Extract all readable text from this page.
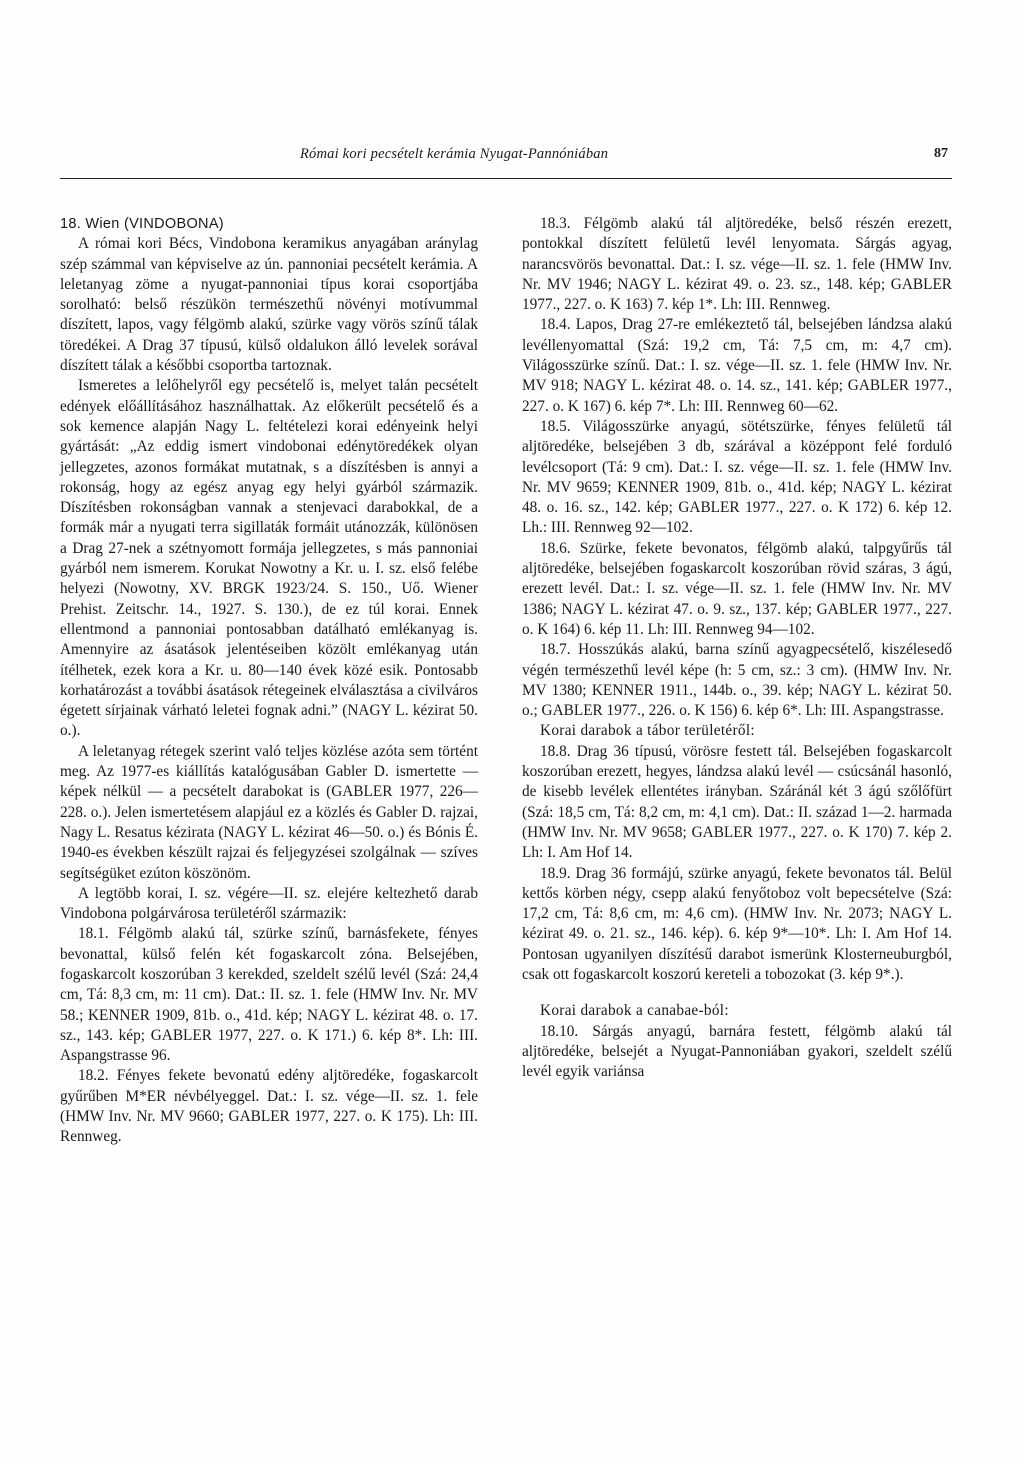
Római kori pecsételt kerámia Nyugat-Pannóniában	87

18. Wien (VINDOBONA)

A római kori Bécs, Vindobona keramikus anyagában aránylag szép számmal van képviselve az ún. pannoniai pecsételt kerámia. A leletanyag zöme a nyugat-pannoniai típus korai csoportjába sorolható: belső részükön természethű növényi motívummal díszített, lapos, vagy félgömb alakú, szürke vagy vörös színű tálak töredékei. A Drag 37 típusú, külső oldalukon álló levelek sorával díszített tálak a későbbi csoportba tartoznak.

Ismeretes a lelőhelyről egy pecsételő is, melyet talán pecsételt edények előállításához használhattak. Az előkerült pecsételő és a sok kemence alapján Nagy L. feltételezi korai edényeink helyi gyártását: „Az eddig ismert vindobonai edénytöredékek olyan jellegzetes, azonos formákat mutatnak, s a díszítésben is annyi a rokonság, hogy az egész anyag egy helyi gyárból származik. Díszítésben rokonságban vannak a stenjevaci darabokkal, de a formák már a nyugati terra sigillaták formáit utánozzák, különösen a Drag 27-nek a szétnyomott formája jellegzetes, s más pannoniai gyárból nem ismerem. Korukat Nowotny a Kr. u. I. sz. első felébe helyezi (Nowotny, XV. BRGK 1923/24. S. 150., Uő. Wiener Prehist. Zeitschr. 14., 1927. S. 130.), de ez túl korai. Ennek ellentmond a pannoniai pontosabban datálható emlékanyag is. Amennyire az ásatások jelentéseiben közölt emlékanyag után ítélhetek, ezek kora a Kr. u. 80—140 évek közé esik. Pontosabb korhatározást a további ásatások rétegeinek elválasztása a civilváros égetett sírjainak várható leletei fognak adni.” (NAGY L. kézirat 50. o.).

A leletanyag rétegek szerint való teljes közlése azóta sem történt meg. Az 1977-es kiállítás katalógusában Gabler D. ismertette — képek nélkül — a pecsételt darabokat is (GABLER 1977, 226—228. o.). Jelen ismertetésem alapjául ez a közlés és Gabler D. rajzai, Nagy L. Resatus kézirata (NAGY L. kézirat 46—50. o.) és Bónis É. 1940-es években készült rajzai és feljegyzései szolgálnak — szíves segítségüket ezúton köszönöm.

A legtöbb korai, I. sz. végére—II. sz. elejére keltezhető darab Vindobona polgárvárosa területéről származik:

18.1. Félgömb alakú tál, szürke színű, barnásfekete, fényes bevonattal, külső felén két fogaskarcolt zóna. Belsejében, fogaskarcolt koszorúban 3 kerekded, szeldelt szélű levél (Szá: 24,4 cm, Tá: 8,3 cm, m: 11 cm). Dat.: II. sz. 1. fele (HMW Inv. Nr. MV 58.; KENNER 1909, 81b. o., 41d. kép; NAGY L. kézirat 48. o. 17. sz., 143. kép; GABLER 1977, 227. o. K 171.) 6. kép 8*. Lh: III. Aspangstrasse 96.

18.2. Fényes fekete bevonatú edény aljtöredéke, fogaskarcolt gyűrűben M*ER névbélyeggel. Dat.: I. sz. vége—II. sz. 1. fele (HMW Inv. Nr. MV 9660; GABLER 1977, 227. o. K 175). Lh: III. Rennweg.

18.3. Félgömb alakú tál aljtöredéke, belső részén erezett, pontokkal díszített felületű levél lenyomata. Sárgás agyag, narancsvörös bevonattal. Dat.: I. sz. vége—II. sz. 1. fele (HMW Inv. Nr. MV 1946; NAGY L. kézirat 49. o. 23. sz., 148. kép; GABLER 1977., 227. o. K 163) 7. kép 1*. Lh: III. Rennweg.

18.4. Lapos, Drag 27-re emlékeztető tál, belsejében lándzsa alakú levéllenyomattal (Szá: 19,2 cm, Tá: 7,5 cm, m: 4,7 cm). Világosszürke színű. Dat.: I. sz. vége—II. sz. 1. fele (HMW Inv. Nr. MV 918; NAGY L. kézirat 48. o. 14. sz., 141. kép; GABLER 1977., 227. o. K 167) 6. kép 7*. Lh: III. Rennweg 60—62.

18.5. Világosszürke anyagú, sötétszürke, fényes felületű tál aljtöredéke, belsejében 3 db, szárával a középpont felé forduló levélcsoport (Tá: 9 cm). Dat.: I. sz. vége—II. sz. 1. fele (HMW Inv. Nr. MV 9659; KENNER 1909, 81b. o., 41d. kép; NAGY L. kézirat 48. o. 16. sz., 142. kép; GABLER 1977., 227. o. K 172) 6. kép 12. Lh.: III. Rennweg 92—102.

18.6. Szürke, fekete bevonatos, félgömb alakú, talpgyűrűs tál aljtöredéke, belsejében fogaskarcolt koszorúban rövid száras, 3 ágú, erezett levél. Dat.: I. sz. vége—II. sz. 1. fele (HMW Inv. Nr. MV 1386; NAGY L. kézirat 47. o. 9. sz., 137. kép; GABLER 1977., 227. o. K 164) 6. kép 11. Lh: III. Rennweg 94—102.

18.7. Hosszúkás alakú, barna színű agyagpecsételő, kiszélesedő végén természethű levél képe (h: 5 cm, sz.: 3 cm). (HMW Inv. Nr. MV 1380; KENNER 1911., 144b. o., 39. kép; NAGY L. kézirat 50. o.; GABLER 1977., 226. o. K 156) 6. kép 6*. Lh: III. Aspangstrasse.

Korai darabok a tábor területéről:

18.8. Drag 36 típusú, vörösre festett tál. Belsejében fogaskarcolt koszorúban erezett, hegyes, lándzsa alakú levél — csúcsánál hasonló, de kisebb levélek ellentétes irányban. Száránál két 3 ágú szőlőfürt (Szá: 18,5 cm, Tá: 8,2 cm, m: 4,1 cm). Dat.: II. század 1—2. harmada (HMW Inv. Nr. MV 9658; GABLER 1977., 227. o. K 170) 7. kép 2. Lh: I. Am Hof 14.

18.9. Drag 36 formájú, szürke anyagú, fekete bevonatos tál. Belül kettős körben négy, csepp alakú fenyőtoboz volt bepecsételve (Szá: 17,2 cm, Tá: 8,6 cm, m: 4,6 cm). (HMW Inv. Nr. 2073; NAGY L. kézirat 49. o. 21. sz., 146. kép). 6. kép 9*—10*. Lh: I. Am Hof 14. Pontosan ugyanilyen díszítésű darabot ismerünk Klosterneuburgból, csak ott fogaskarcolt koszorú kereteli a tobozokat (3. kép 9*.).

Korai darabok a canabae-ból:

18.10. Sárgás anyagú, barnára festett, félgömb alakú tál aljtöredéke, belsejét a Nyugat-Pannoniában gyakori, szeldelt szélű levél egyik variánsa
